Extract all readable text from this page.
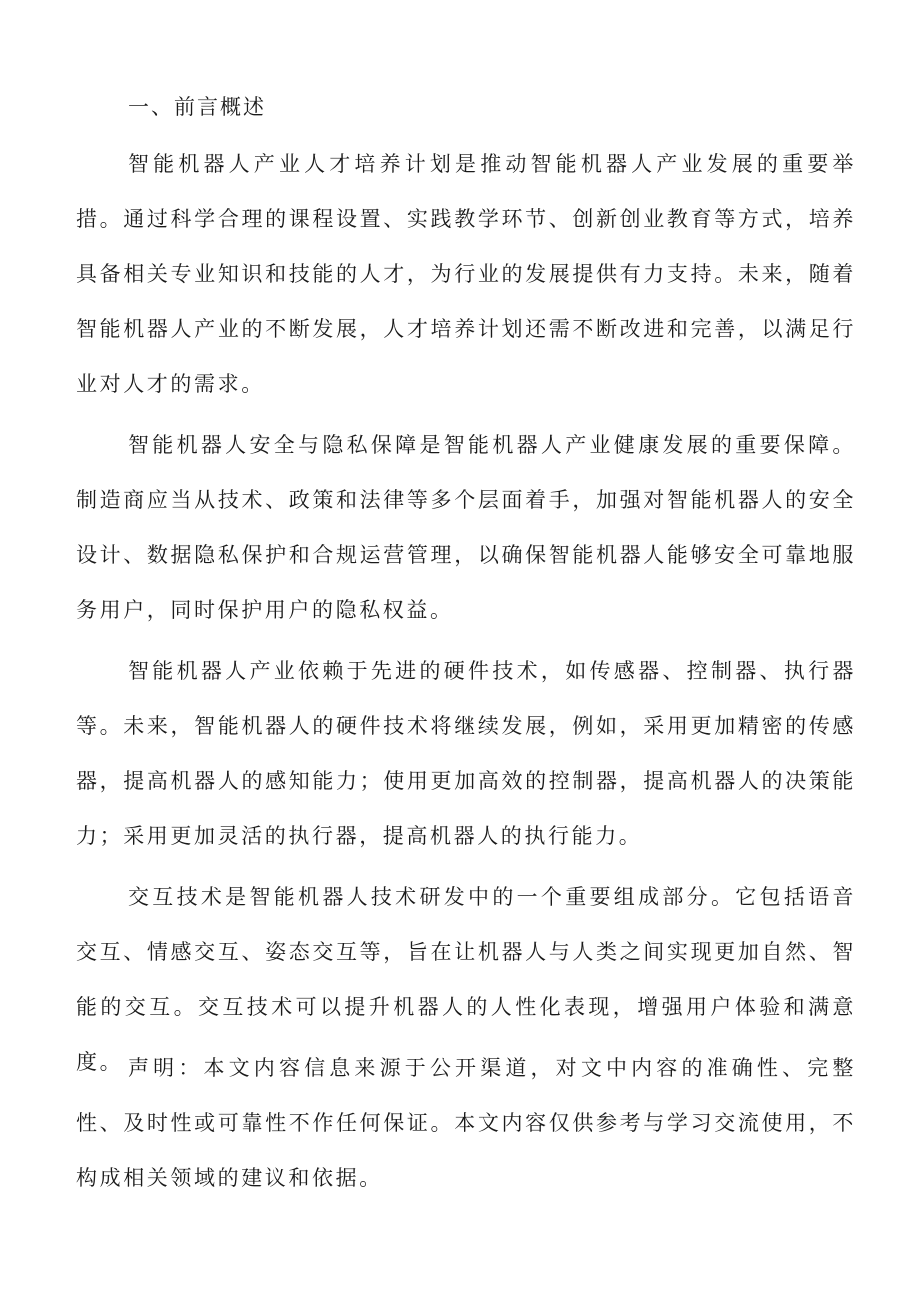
一、前言概述

智能机器人产业人才培养计划是推动智能机器人产业发展的重要举措。通过科学合理的课程设置、实践教学环节、创新创业教育等方式，培养具备相关专业知识和技能的人才，为行业的发展提供有力支持。未来，随着智能机器人产业的不断发展，人才培养计划还需不断改进和完善，以满足行业对人才的需求。

智能机器人安全与隐私保障是智能机器人产业健康发展的重要保障。制造商应当从技术、政策和法律等多个层面着手，加强对智能机器人的安全设计、数据隐私保护和合规运营管理，以确保智能机器人能够安全可靠地服务用户，同时保护用户的隐私权益。

智能机器人产业依赖于先进的硬件技术，如传感器、控制器、执行器等。未来，智能机器人的硬件技术将继续发展，例如，采用更加精密的传感器，提高机器人的感知能力；使用更加高效的控制器，提高机器人的决策能力；采用更加灵活的执行器，提高机器人的执行能力。

交互技术是智能机器人技术研发中的一个重要组成部分。它包括语音交互、情感交互、姿态交互等，旨在让机器人与人类之间实现更加自然、智能的交互。交互技术可以提升机器人的人性化表现，增强用户体验和满意度。 声明：本文内容信息来源于公开渠道，对文中内容的准确性、完整性、及时性或可靠性不作任何保证。本文内容仅供参考与学习交流使用，不构成相关领域的建议和依据。
